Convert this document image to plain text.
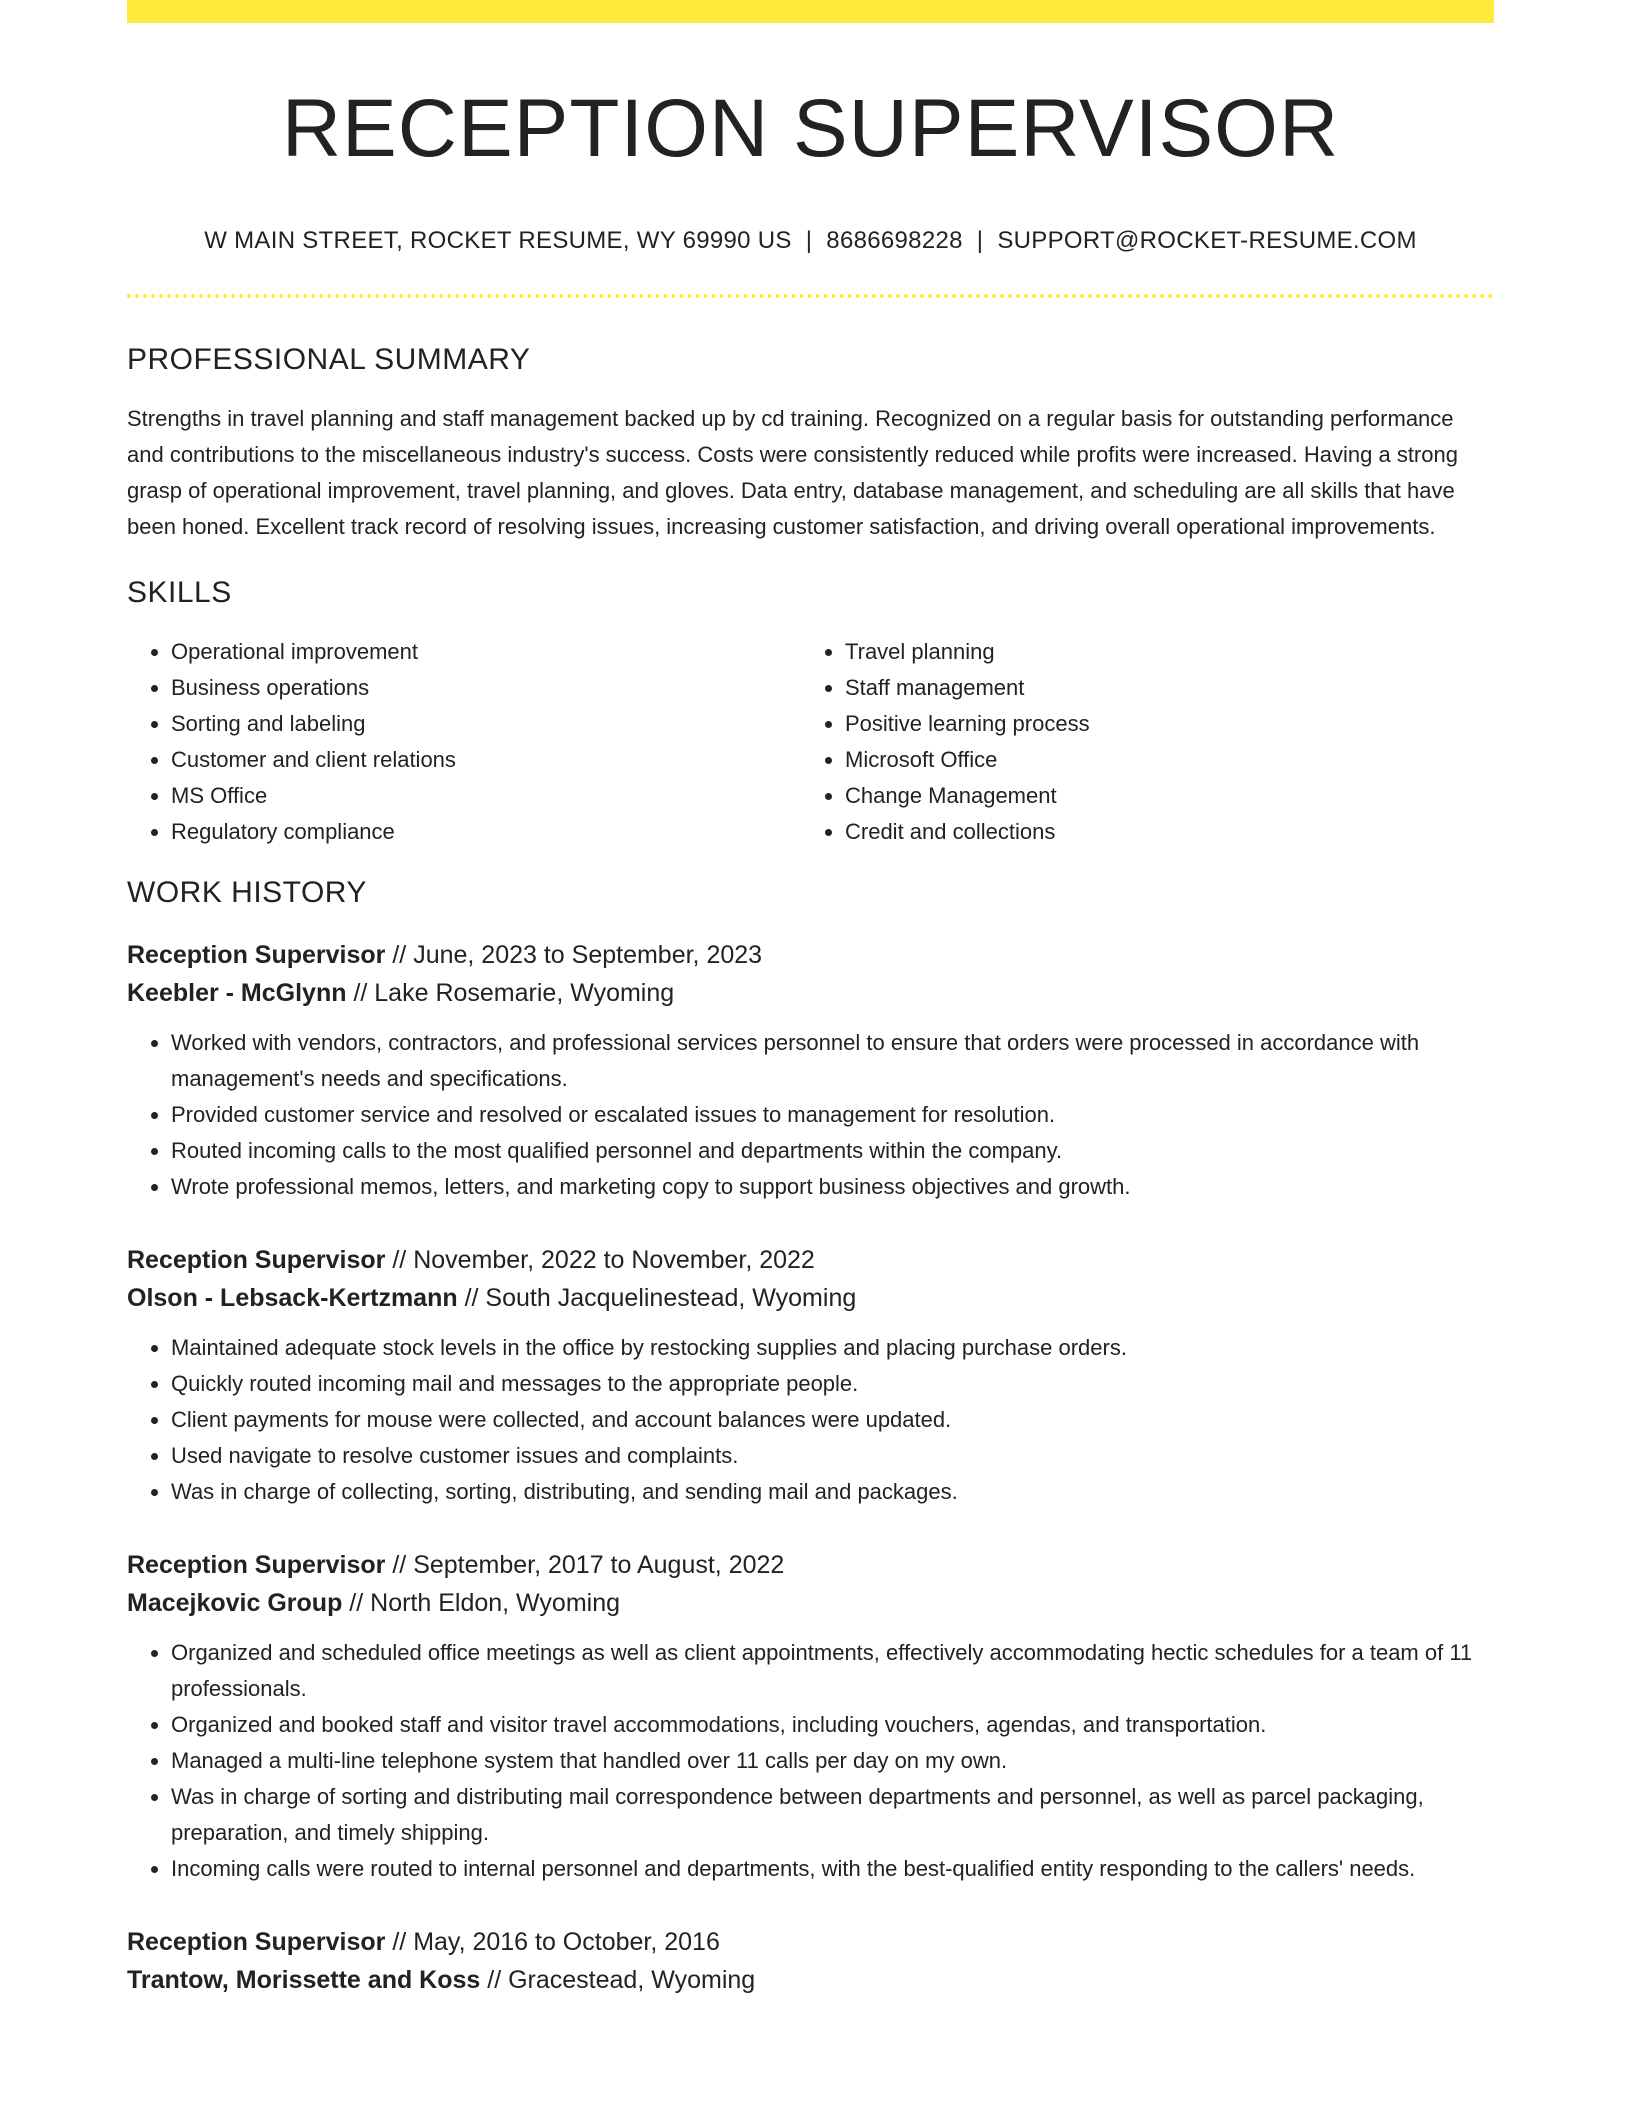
RECEPTION SUPERVISOR
W MAIN STREET, ROCKET RESUME, WY 69990 US | 8686698228 | SUPPORT@ROCKET-RESUME.COM
PROFESSIONAL SUMMARY

Strengths in travel planning and staff management backed up by cd training. Recognized on a regular basis for outstanding performance and contributions to the miscellaneous industry's success. Costs were consistently reduced while profits were increased. Having a strong grasp of operational improvement, travel planning, and gloves. Data entry, database management, and scheduling are all skills that have been honed. Excellent track record of resolving issues, increasing customer satisfaction, and driving overall operational improvements.

SKILLS
• Operational improvement
• Business operations
• Sorting and labeling
• Customer and client relations
• MS Office
• Regulatory compliance
• Travel planning
• Staff management
• Positive learning process
• Microsoft Office
• Change Management
• Credit and collections
WORK HISTORY
Reception Supervisor // June, 2023 to September, 2023
Keebler - McGlynn // Lake Rosemarie, Wyoming
• Worked with vendors, contractors, and professional services personnel to ensure that orders were processed in accordance with management's needs and specifications.
• Provided customer service and resolved or escalated issues to management for resolution.
• Routed incoming calls to the most qualified personnel and departments within the company.
• Wrote professional memos, letters, and marketing copy to support business objectives and growth.
Reception Supervisor // November, 2022 to November, 2022
Olson - Lebsack-Kertzmann // South Jacquelinestead, Wyoming
• Maintained adequate stock levels in the office by restocking supplies and placing purchase orders.
• Quickly routed incoming mail and messages to the appropriate people.
• Client payments for mouse were collected, and account balances were updated.
• Used navigate to resolve customer issues and complaints.
• Was in charge of collecting, sorting, distributing, and sending mail and packages.
Reception Supervisor // September, 2017 to August, 2022
Macejkovic Group // North Eldon, Wyoming
• Organized and scheduled office meetings as well as client appointments, effectively accommodating hectic schedules for a team of 11 professionals.
• Organized and booked staff and visitor travel accommodations, including vouchers, agendas, and transportation.
• Managed a multi-line telephone system that handled over 11 calls per day on my own.
• Was in charge of sorting and distributing mail correspondence between departments and personnel, as well as parcel packaging, preparation, and timely shipping.
• Incoming calls were routed to internal personnel and departments, with the best-qualified entity responding to the callers' needs.
Reception Supervisor // May, 2016 to October, 2016
Trantow, Morissette and Koss // Gracestead, Wyoming
